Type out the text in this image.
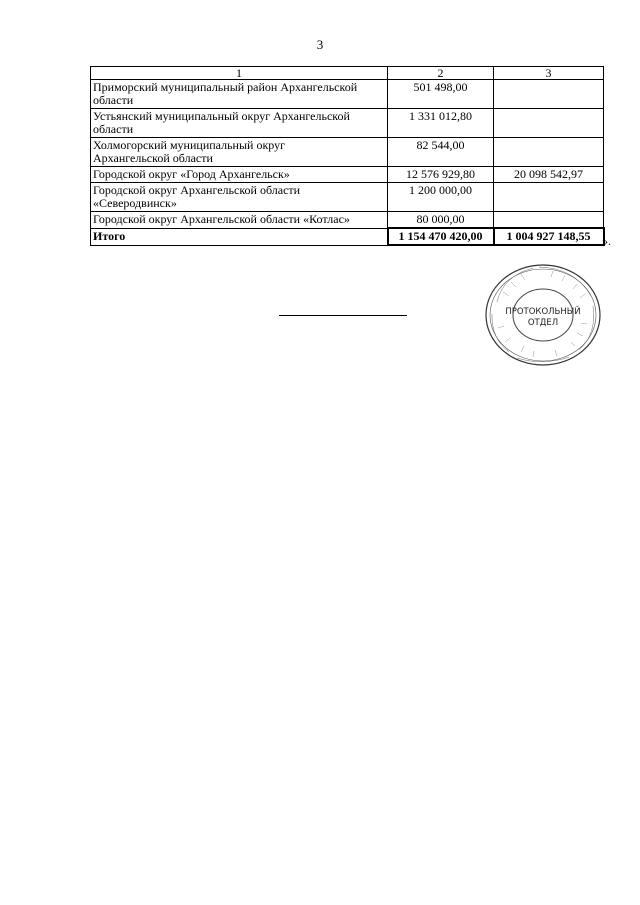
3
1	2	3
Приморский муниципальный район Архангельской
области	501 498,00	
Устьянский муниципальный округ Архангельской
области	1 331 012,80	
Холмогорский муниципальный округ
Архангельской области	82 544,00	
Городской округ «Город Архангельск»	12 576 929,80	20 098 542,97
Городской округ Архангельской области
«Северодвинск»	1 200 000,00	
Городской округ Архангельской области «Котлас»	80 000,00	
Итого	1 154 470 420,00	1 004 927 148,55 ».
ПРОТОКОЛЬНЫЙ
ОТДЕЛ
